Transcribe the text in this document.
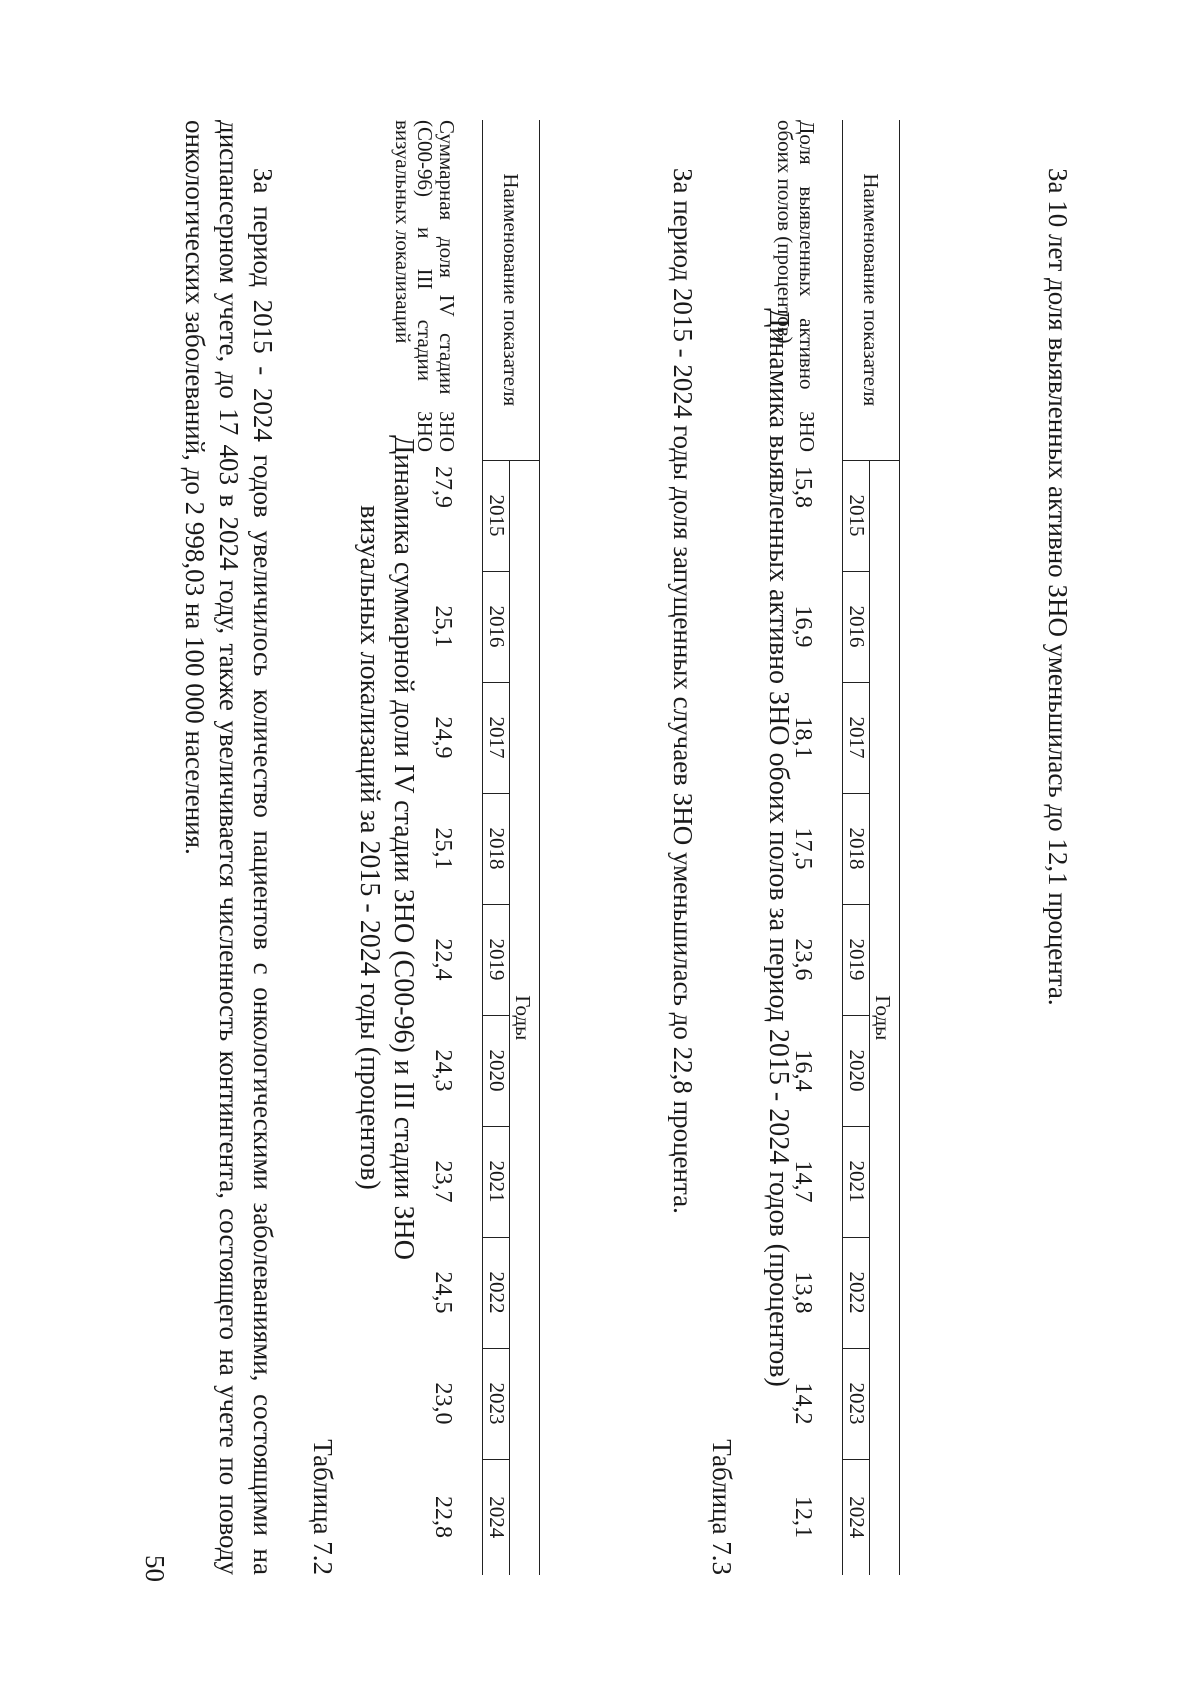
50	За период 2015 - 2024 годов увеличилось количество пациентов с онкологическими заболеваниями, состоящими на диспансерном учете, до 17 403 в 2024 году, также увеличивается численность контингента, состоящего на учете по поводу онкологических заболеваний, до 2 998,03 на 100 000 населения.
Таблица 7.2
Динамика суммарной доли IV стадии ЗНО (C00-96) и III стадии ЗНО
визуальных локализаций за 2015 - 2024 годы (процентов)
Наименование показателя	Годы									
	2015	2016	2017	2018	2019	2020	2021	2022	2023	2024
Суммарная доля IV стадии ЗНО (C00-96) и III стадии ЗНО визуальных локализаций	27,9	25,1	24,9	25,1	22,4	24,3	23,7	24,5	23,0	22,8
За период 2015 - 2024 годы доля запущенных случаев ЗНО уменьшилась до 22,8 процента.
Таблица 7.3
Динамика выявленных активно ЗНО обоих полов за период 2015 - 2024 годов (процентов)
Наименование показателя	Годы									
	2015	2016	2017	2018	2019	2020	2021	2022	2023	2024
Доля выявленных активно ЗНО обоих полов (процентов)	15,8	16,9	18,1	17,5	23,6	16,4	14,7	13,8	14,2	12,1
За 10 лет доля выявленных активно ЗНО уменьшилась до 12,1 процента.
